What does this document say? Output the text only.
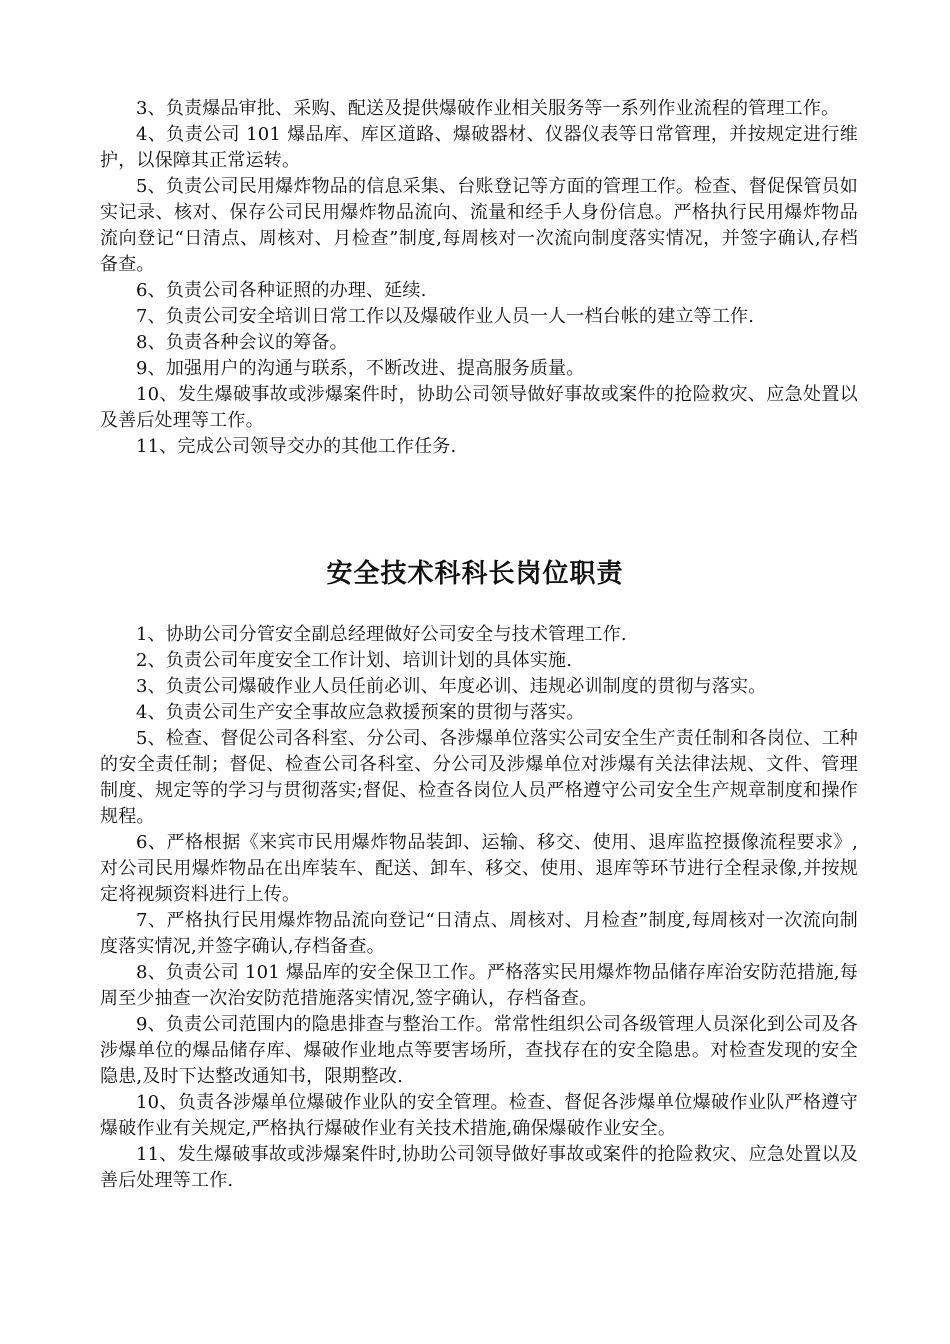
3、负责爆品审批、采购、配送及提供爆破作业相关服务等一系列作业流程的管理工作。

4、负责公司 101 爆品库、库区道路、爆破器材、仪器仪表等日常管理，并按规定进行维护，以保障其正常运转。

5、负责公司民用爆炸物品的信息采集、台账登记等方面的管理工作。检查、督促保管员如实记录、核对、保存公司民用爆炸物品流向、流量和经手人身份信息。严格执行民用爆炸物品流向登记“日清点、周核对、月检查”制度,每周核对一次流向制度落实情况，并签字确认,存档备查。

6、负责公司各种证照的办理、延续.

7、负责公司安全培训日常工作以及爆破作业人员一人一档台帐的建立等工作.

8、负责各种会议的筹备。

9、加强用户的沟通与联系，不断改进、提高服务质量。

10、发生爆破事故或涉爆案件时，协助公司领导做好事故或案件的抢险救灾、应急处置以及善后处理等工作。

11、完成公司领导交办的其他工作任务.

安全技术科科长岗位职责

1、协助公司分管安全副总经理做好公司安全与技术管理工作.

2、负责公司年度安全工作计划、培训计划的具体实施.

3、负责公司爆破作业人员任前必训、年度必训、违规必训制度的贯彻与落实。

4、负责公司生产安全事故应急救援预案的贯彻与落实。

5、检查、督促公司各科室、分公司、各涉爆单位落实公司安全生产责任制和各岗位、工种的安全责任制；督促、检查公司各科室、分公司及涉爆单位对涉爆有关法律法规、文件、管理制度、规定等的学习与贯彻落实;督促、检查各岗位人员严格遵守公司安全生产规章制度和操作规程。

6、严格根据《来宾市民用爆炸物品装卸、运输、移交、使用、退库监控摄像流程要求》,对公司民用爆炸物品在出库装车、配送、卸车、移交、使用、退库等环节进行全程录像,并按规定将视频资料进行上传。

7、严格执行民用爆炸物品流向登记“日清点、周核对、月检查”制度,每周核对一次流向制度落实情况,并签字确认,存档备查。

8、负责公司 101 爆品库的安全保卫工作。严格落实民用爆炸物品储存库治安防范措施,每周至少抽查一次治安防范措施落实情况,签字确认，存档备查。

9、负责公司范围内的隐患排查与整治工作。常常性组织公司各级管理人员深化到公司及各涉爆单位的爆品储存库、爆破作业地点等要害场所，查找存在的安全隐患。对检查发现的安全隐患,及时下达整改通知书，限期整改.

10、负责各涉爆单位爆破作业队的安全管理。检查、督促各涉爆单位爆破作业队严格遵守爆破作业有关规定,严格执行爆破作业有关技术措施,确保爆破作业安全。

11、发生爆破事故或涉爆案件时,协助公司领导做好事故或案件的抢险救灾、应急处置以及善后处理等工作.
